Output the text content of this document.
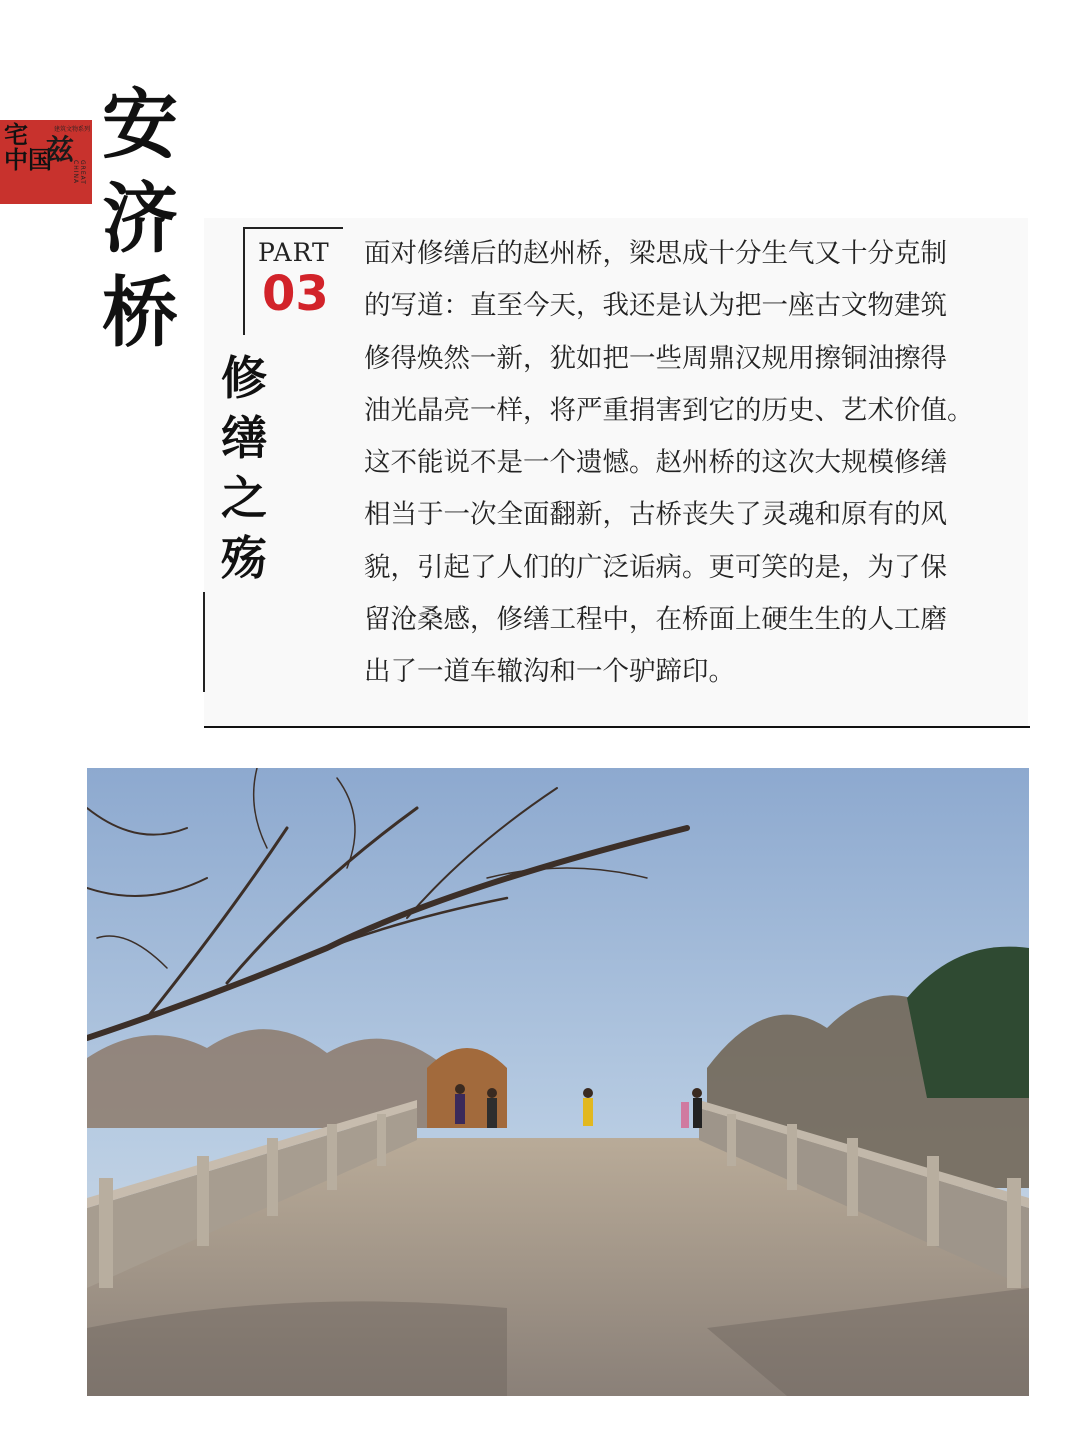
宅
中国
建筑文物系列
兹
GREAT CHINA
安济桥
PART
03
修缮之殇

面对修缮后的赵州桥，梁思成十分生气又十分克制
的写道：直至今天，我还是认为把一座古文物建筑
修得焕然一新，犹如把一些周鼎汉规用擦铜油擦得
油光晶亮一样，将严重捐害到它的历史、艺术价值。
这不能说不是一个遗憾。赵州桥的这次大规模修缮
相当于一次全面翻新，古桥丧失了灵魂和原有的风
貌，引起了人们的广泛诟病。更可笑的是，为了保
留沧桑感，修缮工程中，在桥面上硬生生的人工磨
出了一道车辙沟和一个驴蹄印。
